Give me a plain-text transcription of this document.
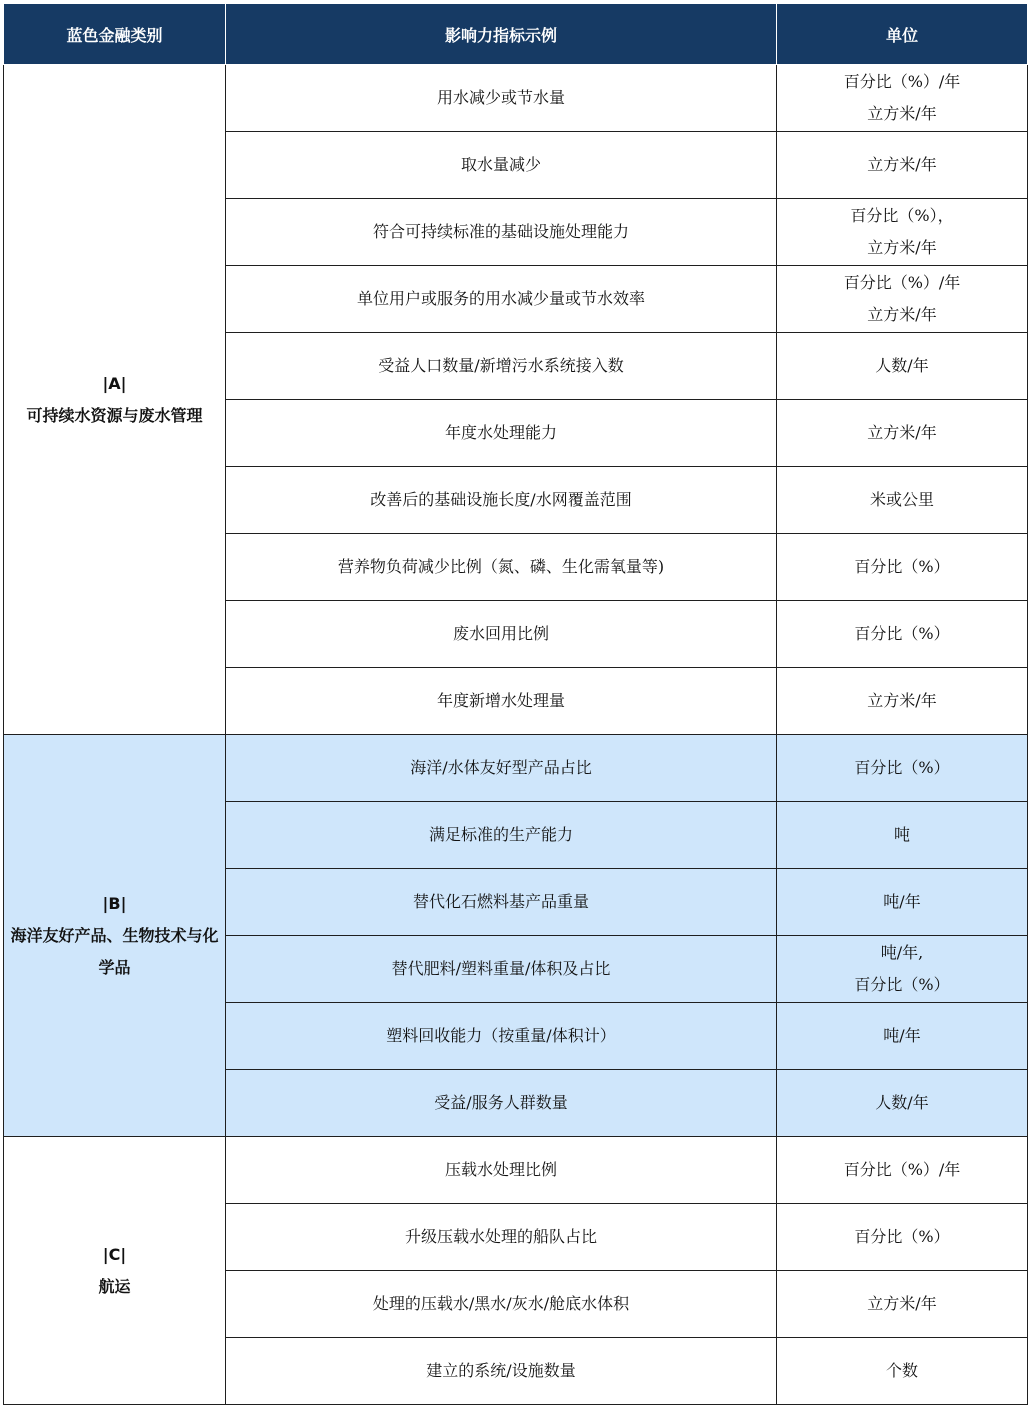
蓝色金融类别	影响力指标示例	单位

|A|
可持续水资源与废水管理	用水减少或节水量	百分比（%）/年
立方米/年

	取水量减少	立方米/年

	符合可持续标准的基础设施处理能力	百分比（%），
立方米/年

	单位用户或服务的用水减少量或节水效率	百分比（%）/年
立方米/年

	受益人口数量/新增污水系统接入数	人数/年

	年度水处理能力	立方米/年

	改善后的基础设施长度/水网覆盖范围	米或公里

	营养物负荷减少比例（氮、磷、生化需氧量等)	百分比（%）

	废水回用比例	百分比（%）

	年度新增水处理量	立方米/年

|B|
海洋友好产品、生物技术与化学品	海洋/水体友好型产品占比	百分比（%）

	满足标准的生产能力	吨

	替代化石燃料基产品重量	吨/年

	替代肥料/塑料重量/体积及占比	吨/年,
百分比（%）

	塑料回收能力（按重量/体积计）	吨/年

	受益/服务人群数量	人数/年

|C|
航运	压载水处理比例	百分比（%）/年

	升级压载水处理的船队占比	百分比（%）

	处理的压载水/黑水/灰水/舱底水体积	立方米/年

	建立的系统/设施数量	个数
